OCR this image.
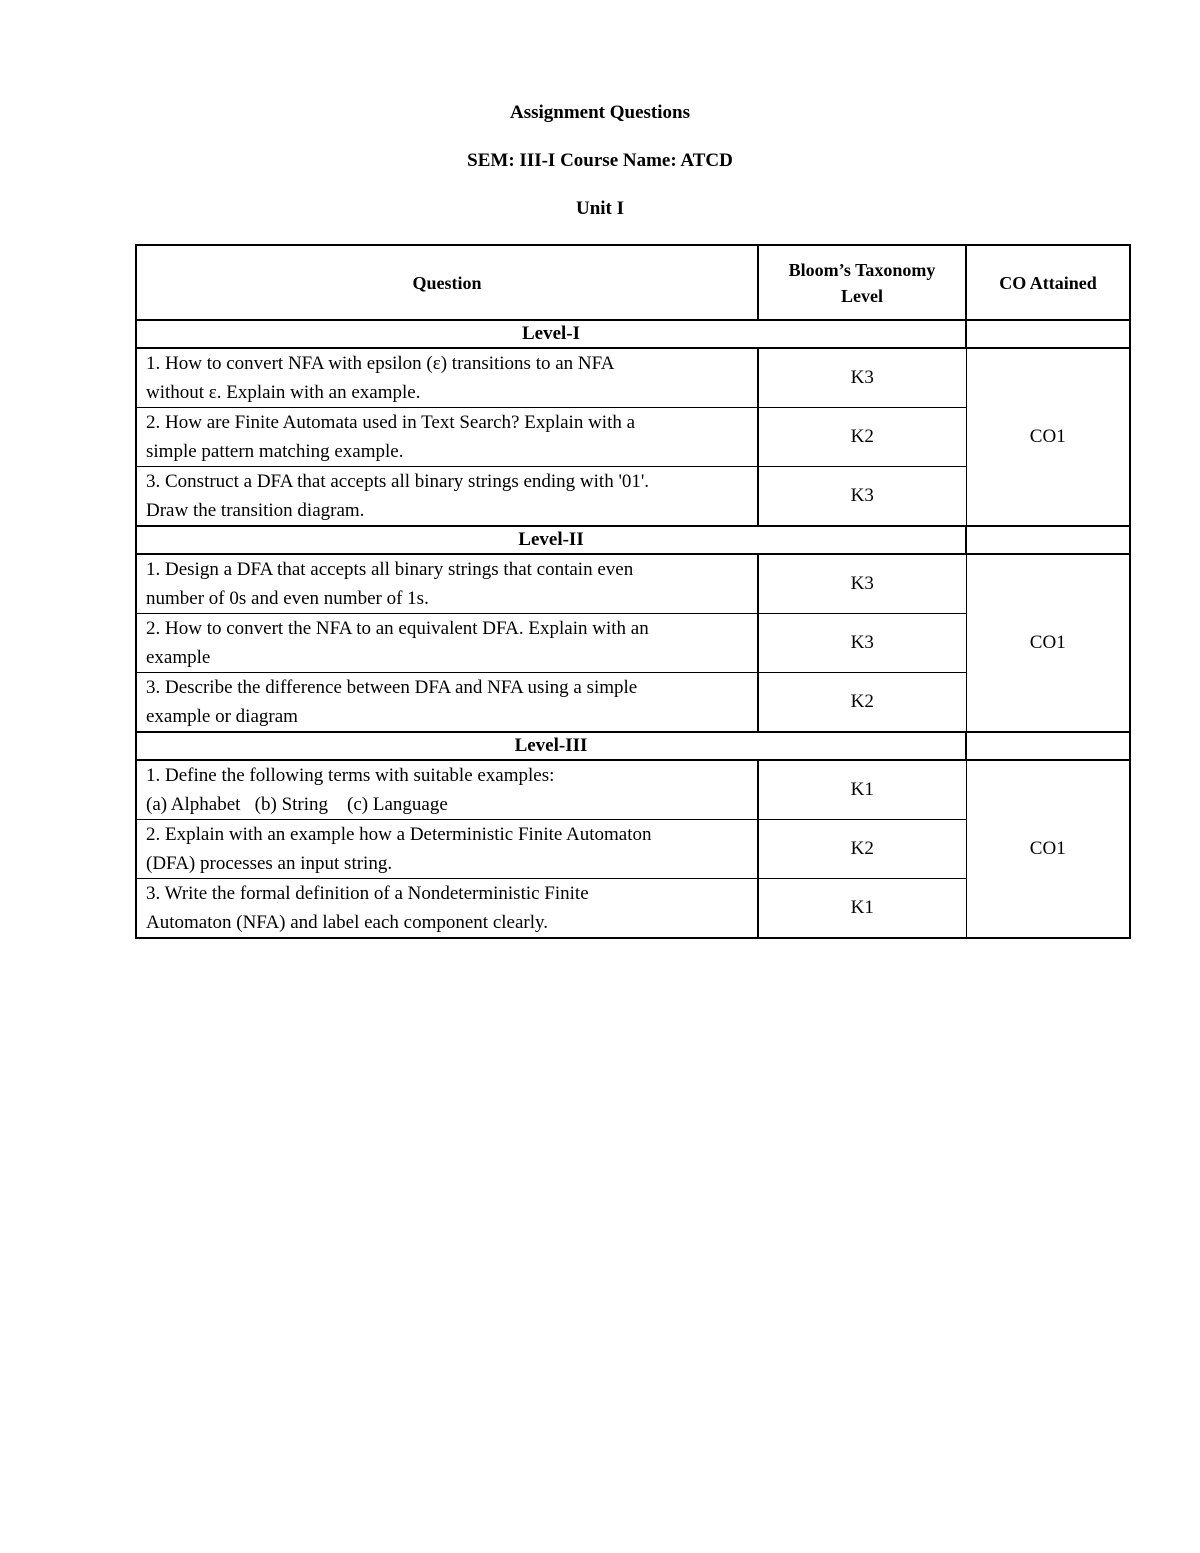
Assignment Questions
SEM: III-I Course Name: ATCD
Unit I
Question	Bloom’s Taxonomy
Level	CO Attained
Level-I		
1. How to convert NFA with epsilon (ε) transitions to an NFA
without ε. Explain with an example.	K3	CO1
2. How are Finite Automata used in Text Search? Explain with a
simple pattern matching example.	K2	
3. Construct a DFA that accepts all binary strings ending with '01'.
Draw the transition diagram.	K3	
Level-II		
1. Design a DFA that accepts all binary strings that contain even
number of 0s and even number of 1s.	K3	CO1
2. How to convert the NFA to an equivalent DFA. Explain with an
example	K3	
3. Describe the difference between DFA and NFA using a simple
example or diagram	K2	
Level-III		
1. Define the following terms with suitable examples:
(a) Alphabet   (b) String    (c) Language	K1	CO1
2. Explain with an example how a Deterministic Finite Automaton
(DFA) processes an input string.	K2	
3. Write the formal definition of a Nondeterministic Finite
Automaton (NFA) and label each component clearly.	K1	
